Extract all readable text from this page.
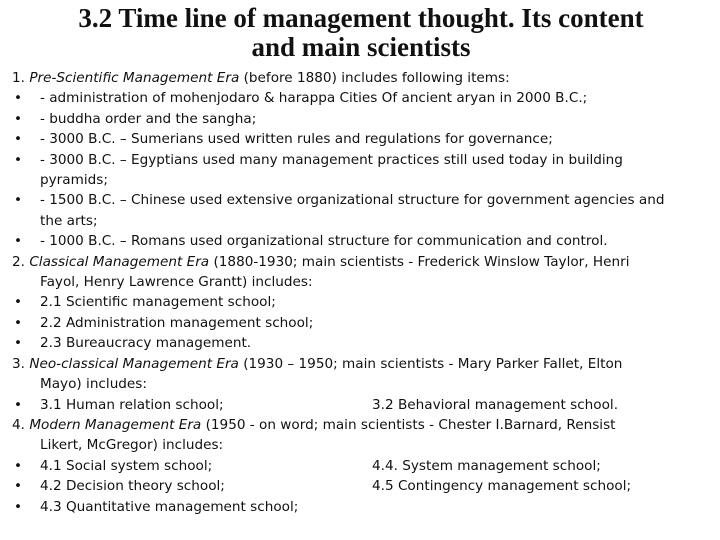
3.2 Time line of management thought. Its content
and main scientists
1. Pre-Scientific Management Era (before 1880) includes following items:
•	- administration of mohenjodaro & harappa Cities Of ancient aryan in 2000 B.C.;
•	- buddha order and the sangha;
•	- 3000 B.C. – Sumerians used written rules and regulations for governance;
•	- 3000 B.C. – Egyptians used many management practices still used today in building
pyramids;
•	- 1500 B.C. – Chinese used extensive organizational structure for government agencies and
the arts;
•	- 1000 B.C. – Romans used organizational structure for communication and control.
2. Classical Management Era (1880-1930; main scientists - Frederick Winslow Taylor, Henri
Fayol, Henry Lawrence Grantt) includes:
•	2.1 Scientific management school;
•	2.2 Administration management school;
•	2.3 Bureaucracy management.
3. Neo-classical Management Era (1930 – 1950; main scientists - Mary Parker Fallet, Elton
Mayo) includes:
•	3.1 Human relation school;	3.2 Behavioral management school.
4. Modern Management Era (1950 - on word; main scientists - Chester I.Barnard, Rensist
Likert, McGregor) includes:
•	4.1 Social system school;	4.4. System management school;
•	4.2 Decision theory school;	4.5 Contingency management school;
•	4.3 Quantitative management school;
